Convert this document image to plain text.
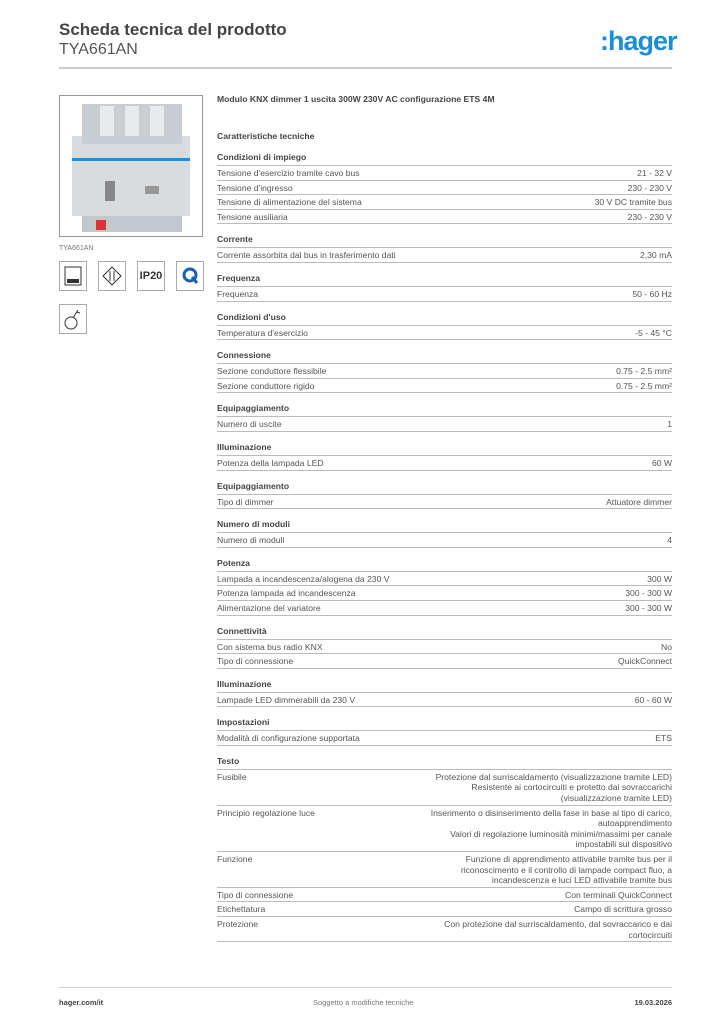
Scheda tecnica del prodotto
TYA661AN	:hager
TYA661AN
IP20
Modulo KNX dimmer 1 uscita 300W 230V AC configurazione ETS 4M
Caratteristiche tecniche
Condizioni di impiego
Tensione d'esercizio tramite cavo bus	21 - 32 V
Tensione d'ingresso	230 - 230 V
Tensione di alimentazione del sistema	30 V DC tramite bus
Tensione ausiliaria	230 - 230 V
Corrente
Corrente assorbita dal bus in trasferimento dati	2,30 mA
Frequenza
Frequenza	50 - 60 Hz
Condizioni d'uso
Temperatura d'esercizio	-5 - 45 °C
Connessione
Sezione conduttore flessibile	0.75 - 2.5 mm²
Sezione conduttore rigido	0.75 - 2.5 mm²
Equipaggiamento
Numero di uscite	1
Illuminazione
Potenza della lampada LED	60 W
Equipaggiamento
Tipo di dimmer	Attuatore dimmer
Numero di moduli
Numero di moduli	4
Potenza
Lampada a incandescenza/alogena da 230 V	300 W
Potenza lampada ad incandescenza	300 - 300 W
Alimentazione del variatore	300 - 300 W
Connettività
Con sistema bus radio KNX	No
Tipo di connessione	QuickConnect
Illuminazione
Lampade LED dimmerabili da 230 V	60 - 60 W
Impostazioni
Modalità di configurazione supportata	ETS
Testo
Fusibile	Protezione dal surriscaldamento (visualizzazione tramite LED)
Resistente ai cortocircuiti e protetto dai sovraccarichi (visualizzazione tramite LED)
Principio regolazione luce	Inserimento o disinserimento della fase in base al tipo di carico, autoapprendimento
Valori di regolazione luminosità minimi/massimi per canale impostabili sul dispositivo
Funzione	Funzione di apprendimento attivabile tramite bus per il riconoscimento e il controllo di lampade compact fluo, a incandescenza e luci LED attivabile tramite bus
Tipo di connessione	Con terminali QuickConnect
Etichettatura	Campo di scrittura grosso
Protezione	Con protezione dal surriscaldamento, dal sovraccarico e dai cortocircuiti
hager.com/it	Soggetto a modifiche tecniche	19.03.2026
